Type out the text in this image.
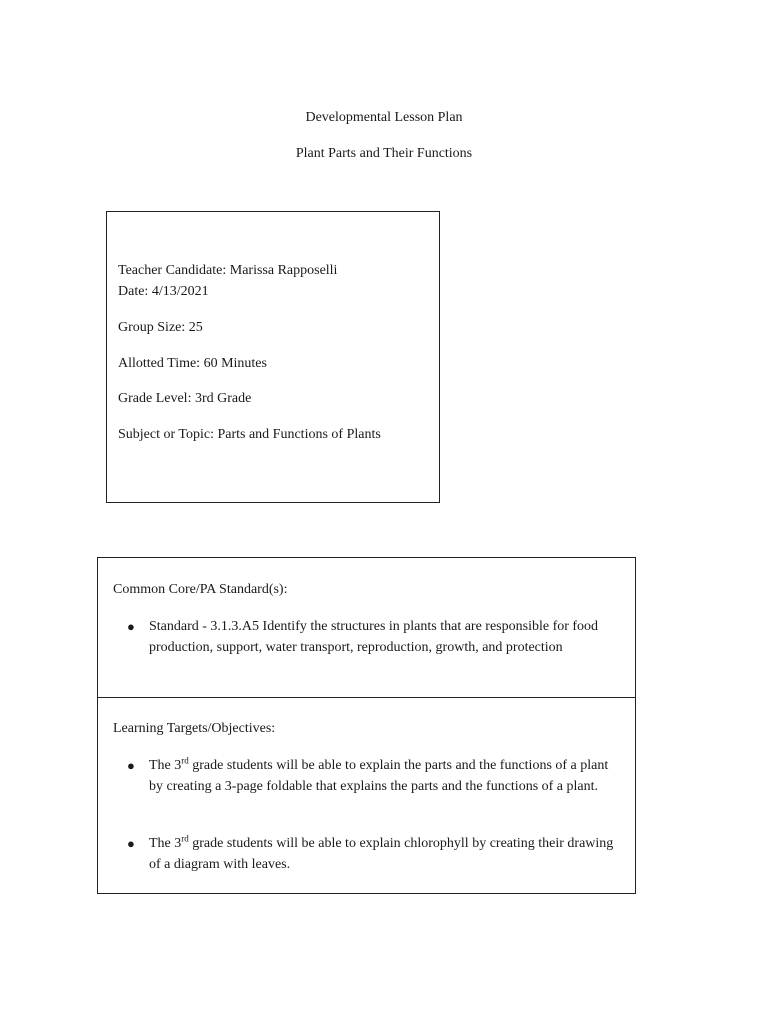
Developmental Lesson Plan
Plant Parts and Their Functions
Teacher Candidate: Marissa Rapposelli
Date: 4/13/2021
Group Size: 25
Allotted Time: 60 Minutes
Grade Level: 3rd Grade
Subject or Topic: Parts and Functions of Plants
Common Core/PA Standard(s):
● Standard - 3.1.3.A5 Identify the structures in plants that are responsible for food production, support, water transport, reproduction, growth, and protection
Learning Targets/Objectives:
● The 3rd grade students will be able to explain the parts and the functions of a plant by creating a 3-page foldable that explains the parts and the functions of a plant.
● The 3rd grade students will be able to explain chlorophyll by creating their drawing of a diagram with leaves.
